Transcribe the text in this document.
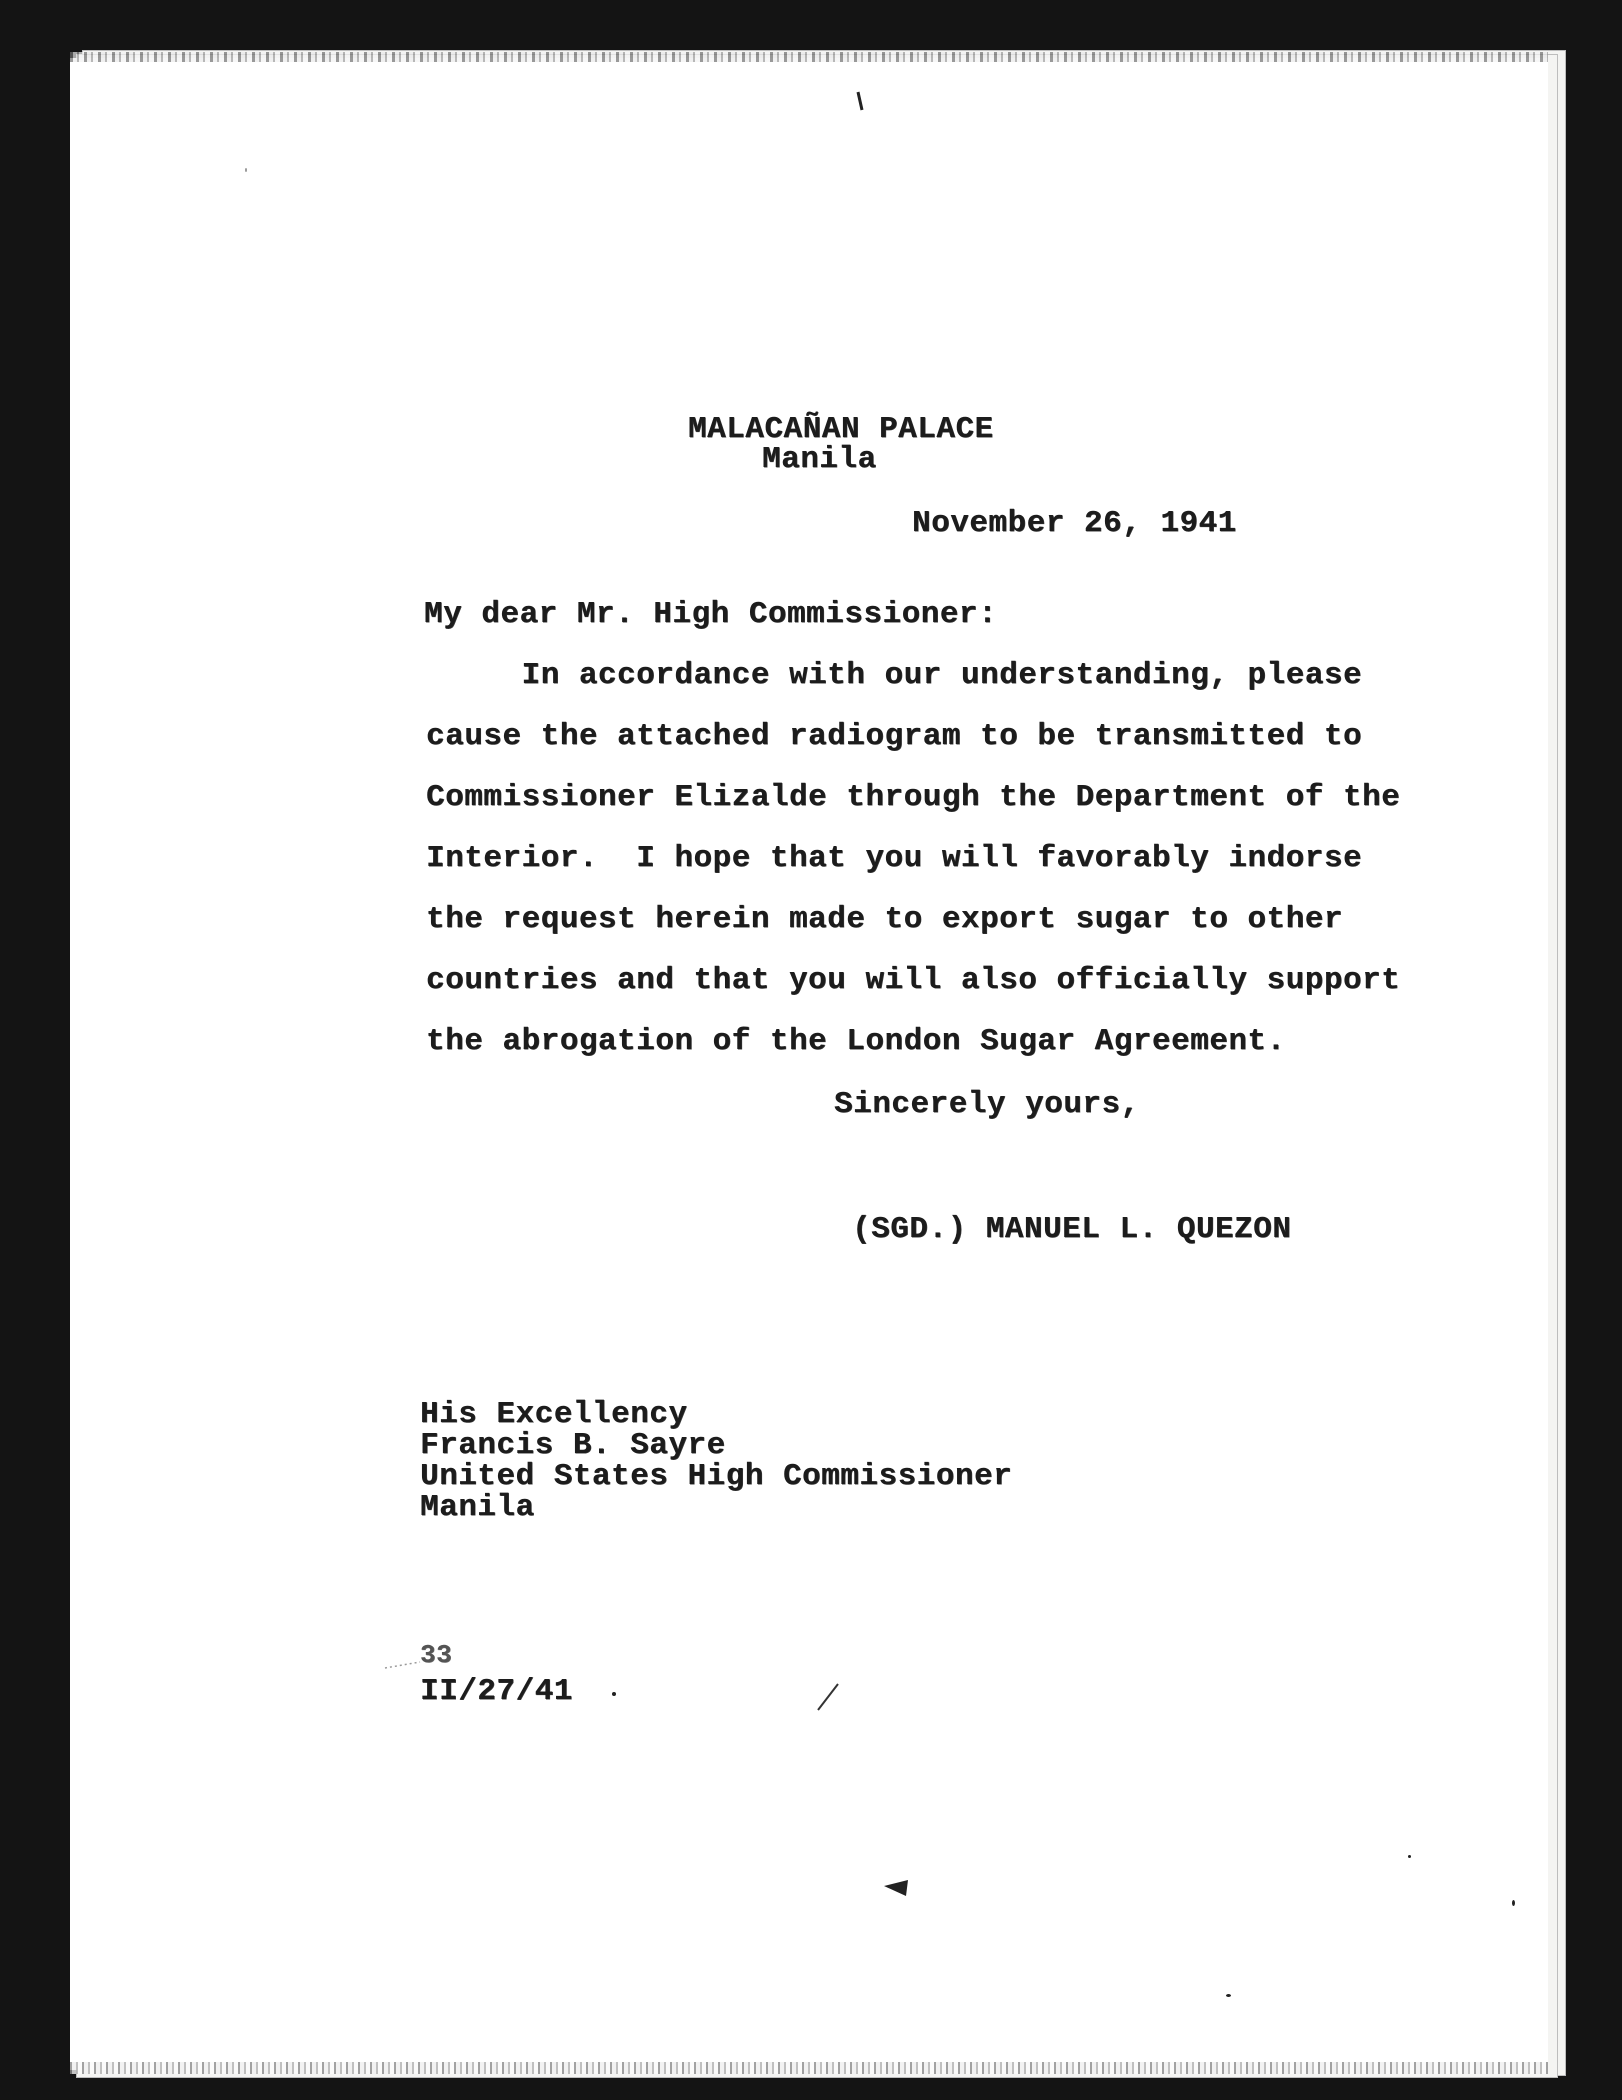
MALACAÑAN PALACE

Manila

November 26, 1941

My dear Mr. High Commissioner:

In accordance with our understanding, please

cause the attached radiogram to be transmitted to

Commissioner Elizalde through the Department of the

Interior.  I hope that you will favorably indorse

the request herein made to export sugar to other

countries and that you will also officially support

the abrogation of the London Sugar Agreement.

Sincerely yours,

(SGD.) MANUEL L. QUEZON

His Excellency

Francis B. Sayre

United States High Commissioner

Manila

33

II/27/41
